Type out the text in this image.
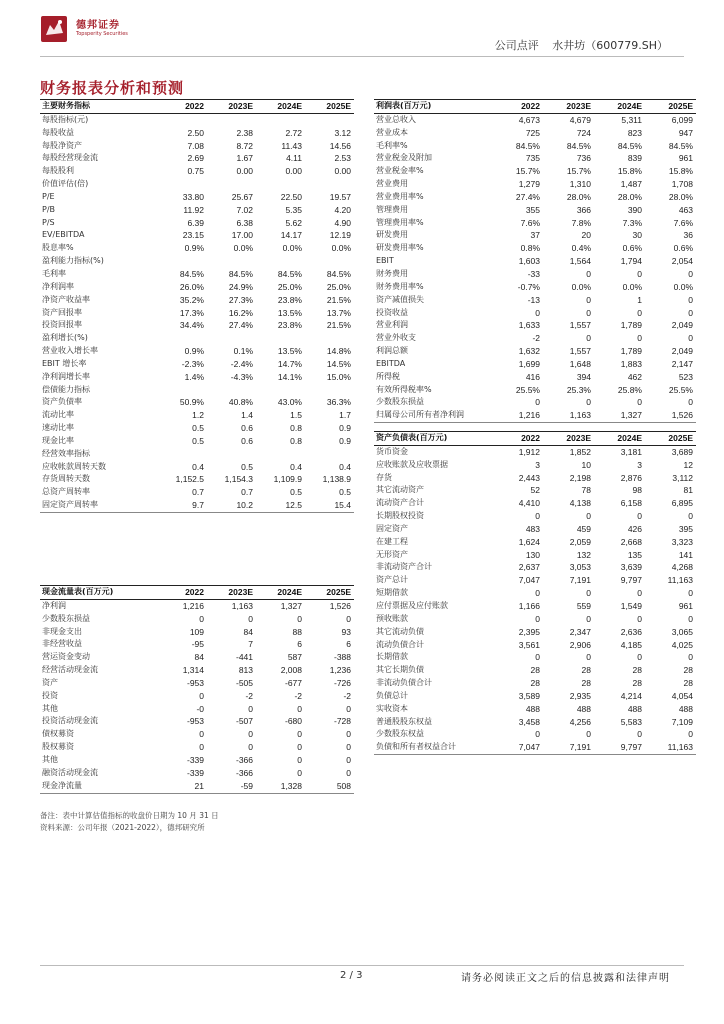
德邦证券
Topsperity Securities
公司点评 水井坊（600779.SH）
财务报表分析和预测
主要财务指标	2022	2023E	2024E	2025E
每股指标(元)				
每股收益	2.50	2.38	2.72	3.12
每股净资产	7.08	8.72	11.43	14.56
每股经营现金流	2.69	1.67	4.11	2.53
每股股利	0.75	0.00	0.00	0.00
价值评估(倍)				
P/E	33.80	25.67	22.50	19.57
P/B	11.92	7.02	5.35	4.20
P/S	6.39	6.38	5.62	4.90
EV/EBITDA	23.15	17.00	14.17	12.19
股息率%	0.9%	0.0%	0.0%	0.0%
盈利能力指标(%)				
毛利率	84.5%	84.5%	84.5%	84.5%
净利润率	26.0%	24.9%	25.0%	25.0%
净资产收益率	35.2%	27.3%	23.8%	21.5%
资产回报率	17.3%	16.2%	13.5%	13.7%
投资回报率	34.4%	27.4%	23.8%	21.5%
盈利增长(%)				
营业收入增长率	0.9%	0.1%	13.5%	14.8%
EBIT 增长率	-2.3%	-2.4%	14.7%	14.5%
净利润增长率	1.4%	-4.3%	14.1%	15.0%
偿债能力指标				
资产负债率	50.9%	40.8%	43.0%	36.3%
流动比率	1.2	1.4	1.5	1.7
速动比率	0.5	0.6	0.8	0.9
现金比率	0.5	0.6	0.8	0.9
经营效率指标				
应收帐款周转天数	0.4	0.5	0.4	0.4
存货周转天数	1,152.5	1,154.3	1,109.9	1,138.9
总资产周转率	0.7	0.7	0.5	0.5
固定资产周转率	9.7	10.2	12.5	15.4
现金流量表(百万元)	2022	2023E	2024E	2025E
净利润	1,216	1,163	1,327	1,526
少数股东损益	0	0	0	0
非现金支出	109	84	88	93
非经营收益	-95	7	6	6
营运资金变动	84	-441	587	-388
经营活动现金流	1,314	813	2,008	1,236
资产	-953	-505	-677	-726
投资	0	-2	-2	-2
其他	-0	0	0	0
投资活动现金流	-953	-507	-680	-728
债权募资	0	0	0	0
股权募资	0	0	0	0
其他	-339	-366	0	0
融资活动现金流	-339	-366	0	0
现金净流量	21	-59	1,328	508
利润表(百万元)	2022	2023E	2024E	2025E
营业总收入	4,673	4,679	5,311	6,099
营业成本	725	724	823	947
毛利率%	84.5%	84.5%	84.5%	84.5%
营业税金及附加	735	736	839	961
营业税金率%	15.7%	15.7%	15.8%	15.8%
营业费用	1,279	1,310	1,487	1,708
营业费用率%	27.4%	28.0%	28.0%	28.0%
管理费用	355	366	390	463
管理费用率%	7.6%	7.8%	7.3%	7.6%
研发费用	37	20	30	36
研发费用率%	0.8%	0.4%	0.6%	0.6%
EBIT	1,603	1,564	1,794	2,054
财务费用	-33	0	0	0
财务费用率%	-0.7%	0.0%	0.0%	0.0%
资产减值损失	-13	0	1	0
投资收益	0	0	0	0
营业利润	1,633	1,557	1,789	2,049
营业外收支	-2	0	0	0
利润总额	1,632	1,557	1,789	2,049
EBITDA	1,699	1,648	1,883	2,147
所得税	416	394	462	523
有效所得税率%	25.5%	25.3%	25.8%	25.5%
少数股东损益	0	0	0	0
归属母公司所有者净利润	1,216	1,163	1,327	1,526
资产负债表(百万元)	2022	2023E	2024E	2025E
货币资金	1,912	1,852	3,181	3,689
应收账款及应收票据	3	10	3	12
存货	2,443	2,198	2,876	3,112
其它流动资产	52	78	98	81
流动资产合计	4,410	4,138	6,158	6,895
长期股权投资	0	0	0	0
固定资产	483	459	426	395
在建工程	1,624	2,059	2,668	3,323
无形资产	130	132	135	141
非流动资产合计	2,637	3,053	3,639	4,268
资产总计	7,047	7,191	9,797	11,163
短期借款	0	0	0	0
应付票据及应付账款	1,166	559	1,549	961
预收账款	0	0	0	0
其它流动负债	2,395	2,347	2,636	3,065
流动负债合计	3,561	2,906	4,185	4,025
长期借款	0	0	0	0
其它长期负债	28	28	28	28
非流动负债合计	28	28	28	28
负债总计	3,589	2,935	4,214	4,054
实收资本	488	488	488	488
普通股股东权益	3,458	4,256	5,583	7,109
少数股东权益	0	0	0	0
负债和所有者权益合计	7,047	7,191	9,797	11,163
备注：表中计算估值指标的收盘价日期为 10 月 31 日
资料来源：公司年报（2021-2022），德邦研究所
2 / 3	请务必阅读正文之后的信息披露和法律声明
